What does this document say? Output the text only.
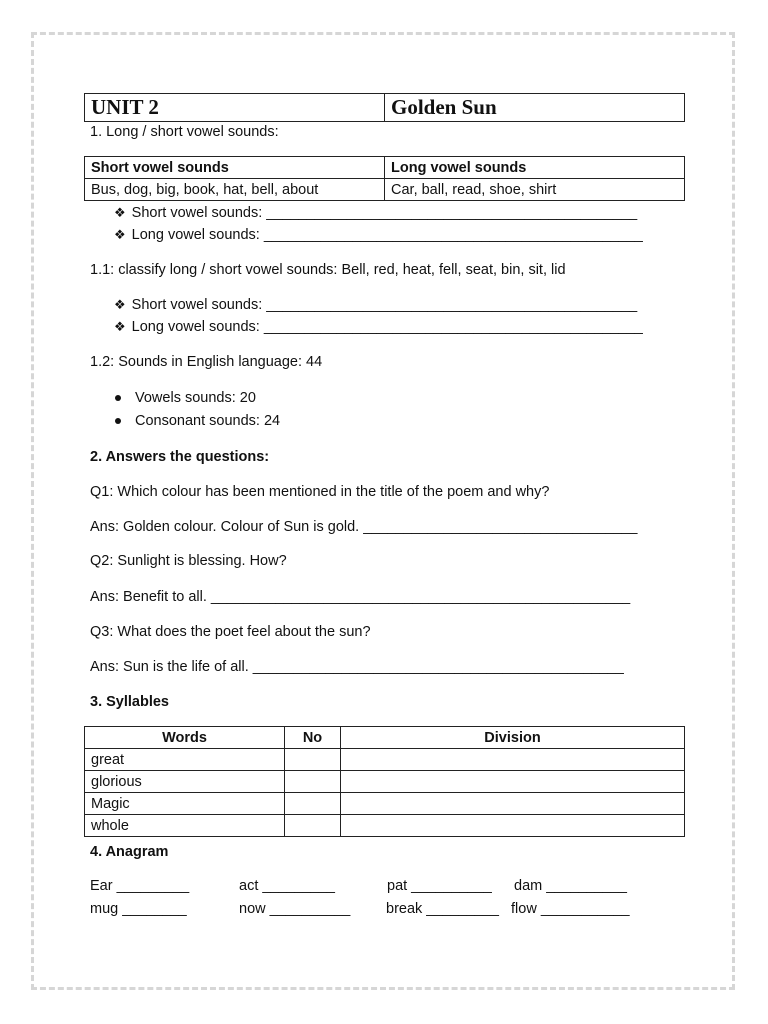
UNIT 2	Golden Sun
1. Long / short vowel sounds:
Short vowel sounds	Long vowel sounds
Bus, dog, big, book, hat, bell, about	Car, ball, read, shoe, shirt
❖ Short vowel sounds: ______________________________________________
❖ Long vowel sounds: _______________________________________________
1.1: classify long / short vowel sounds: Bell, red, heat, fell, seat, bin, sit, lid
❖ Short vowel sounds: ______________________________________________
❖ Long vowel sounds: _______________________________________________
1.2: Sounds in English language: 44
Vowels sounds: 20
Consonant sounds: 24
2. Answers the questions:
Q1: Which colour has been mentioned in the title of the poem and why?
Ans: Golden colour. Colour of Sun is gold. __________________________________
Q2: Sunlight is blessing. How?
Ans: Benefit to all. ____________________________________________________
Q3: What does the poet feel about the sun?
Ans: Sun is the life of all. ______________________________________________
3. Syllables
Words	No	Division
great		
glorious		
Magic		
whole		
4. Anagram
Ear _________	act _________	pat __________ dam __________
mug ________	now __________ break _________ flow ___________
